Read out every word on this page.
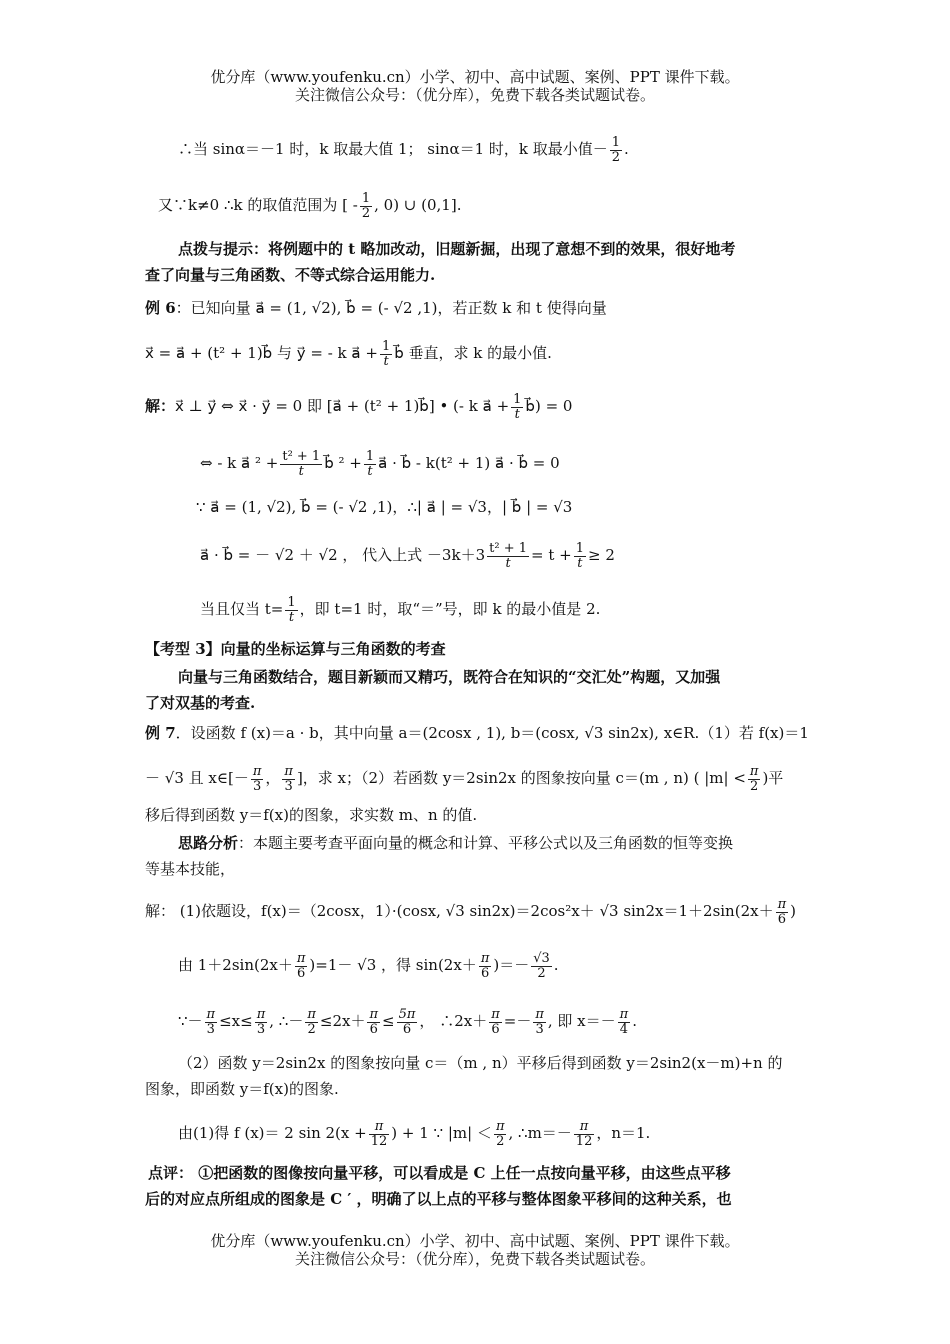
优分库（www.youfenku.cn）小学、初中、高中试题、案例、PPT 课件下载。
关注微信公众号：（优分库），免费下载各类试题试卷。
∴当 sinα＝－1 时，k 取最大值 1； sinα＝1 时，k 取最小值－ $\frac{1}{2}$ .
又∵k≠0 ∴k 的取值范围为 [ - $\frac{1}{2}$ , 0) ∪ (0,1].
点拨与提示：将例题中的 t 略加改动，旧题新掘，出现了意想不到的效果，很好地考
查了向量与三角函数、不等式综合运用能力.
例 6：已知向量 a⃗ = (1, √2), b⃗ = (- √2 ,1)，若正数 k 和 t 使得向量
x⃗ = a⃗ + (t² + 1)b⃗ 与 y⃗ = - k a⃗ + $\frac{1}{t}$ b⃗ 垂直，求 k 的最小值.
解：x⃗ ⊥ y⃗ ⇔ x⃗ · y⃗ = 0 即 [a⃗ + (t² + 1)b⃗] • (- k a⃗ + $\frac{1}{t}$ b⃗) = 0
⇔ - k a⃗ $^2 + \frac{\text{t² + 1}}{t}$ b⃗ $^2 + \frac{1}{t}$ a⃗ · b⃗ - k(t² + 1) a⃗ · b⃗ = 0
∵ a⃗ = (1, √2), b⃗ = (- √2 ,1)，∴| a⃗ | = √3，| b⃗ | = √3
a⃗ · b⃗ = － √2 ＋ √2 ， 代入上式 $-3k+3 \frac{\text{t² + 1}}{t} = t + \frac{1}{t} \ge 2$
当且仅当 $t= \frac{1}{t}$ ，即 t=1 时，取“＝”号，即 k 的最小值是 2.
【考型 3】向量的坐标运算与三角函数的考查
向量与三角函数结合，题目新颖而又精巧，既符合在知识的“交汇处”构题，又加强
了对双基的考查.
例 7．设函数 f (x)＝a · b，其中向量 a＝(2cosx , 1), b＝(cosx, √3 sin2x), x∈R.（1）若 f(x)＝1
－ √3 且 x∈[－ $\frac{\pi}{3}$ ， $\frac{\pi}{3}$ ]，求 x；（2）若函数 y＝2sin2x 的图象按向量 c＝(m , n) ( $|m| < \frac{\pi}{2}$ )平
移后得到函数 y＝f(x)的图象，求实数 m、n 的值.
思路分析：本题主要考查平面向量的概念和计算、平移公式以及三角函数的恒等变换
等基本技能，
解： (1)依题设，f(x)＝（2cosx，1）·(cosx, √3 sin2x)＝2cos²x＋ √3 $\sin 2x=1+2\sin(2x+ \frac{\pi}{6}$ )
由 $1+2\sin(2x+ \frac{\pi}{6} )=1- √3$ ，得 $\sin(2x+ \frac{\pi}{6}$ )＝－ $\frac{√3}{2}$ .
∵－ $\frac{\pi}{3} \le x\le \frac{\pi}{3}$ , ∴－ $\frac{\pi}{2} \le 2x+ \frac{\pi}{6} \le \frac{5\pi}{6}$ ， ∴2x＋ $\frac{\pi}{6} =- \frac{\pi}{3}$ , 即 $x=- \frac{\pi}{4}$ .
（2）函数 y＝2sin2x 的图象按向量 c＝（m , n）平移后得到函数 y＝2sin2(x－m)+n 的
图象，即函数 y＝f(x)的图象.
由(1)得 f (x)＝ 2 $\sin 2(x + \frac{\pi}{12}$ ) + 1 ∵ $|m| < \frac{\pi}{2}$ , ∴m＝－ $\frac{\pi}{12}$ ，n＝1.
点评： ①把函数的图像按向量平移，可以看成是 C 上任一点按向量平移，由这些点平移
后的对应点所组成的图象是 C ′ ，明确了以上点的平移与整体图象平移间的这种关系，也
优分库（www.youfenku.cn）小学、初中、高中试题、案例、PPT 课件下载。
关注微信公众号：（优分库），免费下载各类试题试卷。
